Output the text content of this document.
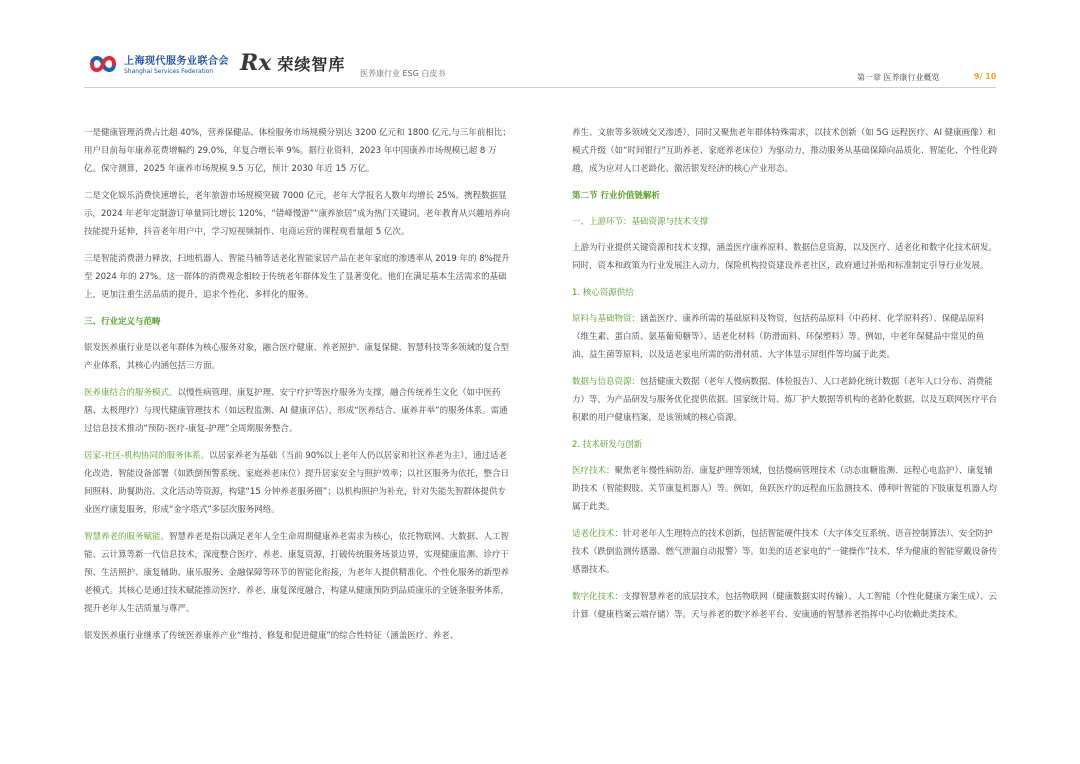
上海现代服务业联合会
Shanghai Services Federation	Rx 荣续智库 医养康行业 ESG 白皮书	第一章 医养康行业概览	9/ 10

一是健康管理消费占比超 40%，营养保健品、体检服务市场规模分别达 3200 亿元和 1800 亿元,与三年前相比；用户目前每年康养花费增幅约 29.0%，年复合增长率 9%。据行业资料，2023 年中国康养市场规模已超 8 万亿。保守测算，2025 年康养市场规模 9.5 万亿，预计 2030 年近 15 万亿。

二是文化娱乐消费快速增长，老年旅游市场规模突破 7000 亿元，老年大学报名人数年均增长 25%。携程数据显示，2024 年老年定制游订单量同比增长 120%，“错峰慢游”“康养旅居”成为热门关键词。老年教育从兴趣培养向技能提升延伸，抖音老年用户中，学习短视频制作、电商运营的课程观看量超 5 亿次。

三是智能消费潜力释放，扫地机器人、智能马桶等适老化智能家居产品在老年家庭的渗透率从 2019 年的 8%提升至 2024 年的 27%。这一群体的消费观念相较于传统老年群体发生了显著变化。他们在满足基本生活需求的基础上，更加注重生活品质的提升，追求个性化、多样化的服务。

三、行业定义与范畴

银发医养康行业是以老年群体为核心服务对象，融合医疗健康、养老照护、康复保健、智慧科技等多领域的复合型产业体系，其核心内涵包括三方面。

医养康结合的服务模式。以慢性病管理、康复护理、安宁疗护等医疗服务为支撑，融合传统养生文化（如中医药膳、太极理疗）与现代健康管理技术（如远程监测、AI 健康评估），形成“医养结合、康养并举”的服务体系。需通过信息技术推动“预防-医疗-康复-护理”全周期服务整合。

居家-社区-机构协同的服务体系。以居家养老为基础（当前 90%以上老年人仍以居家和社区养老为主），通过适老化改造、智能设备部署（如跌倒预警系统、家庭养老床位）提升居家安全与照护效率；以社区服务为依托，整合日间照料、助餐助浴、文化活动等资源，构建“15 分钟养老服务圈”；以机构照护为补充，针对失能失智群体提供专业医疗康复服务，形成“金字塔式”多层次服务网络。

智慧养老的服务赋能。智慧养老是指以满足老年人全生命周期健康养老需求为核心，依托物联网、大数据、人工智能、云计算等新一代信息技术，深度整合医疗、养老、康复资源，打破传统服务场景边界，实现健康监测、诊疗干预、生活照护、康复辅助、康乐服务、金融保障等环节的智能化衔接，为老年人提供精准化、个性化服务的新型养老模式。其核心是通过技术赋能推动医疗、养老、康复深度融合，构建从健康预防到品质康乐的全链条服务体系，提升老年人生活质量与尊严。

银发医养康行业继承了传统医养康养产业“维持、修复和促进健康”的综合性特征（涵盖医疗、养老、

养生、文旅等多领域交叉渗透），同时又聚焦老年群体特殊需求，以技术创新（如 5G 远程医疗、AI 健康画像）和模式升级（如“时间银行”互助养老、家庭养老床位）为驱动力，推动服务从基础保障向品质化、智能化、个性化跨越，成为应对人口老龄化、激活银发经济的核心产业形态。

第二节 行业价值链解析
一、上游环节：基础资源与技术支撑

上游为行业提供关键资源和技术支撑，涵盖医疗康养原料、数据信息资源，以及医疗、适老化和数字化技术研发。同时，资本和政策为行业发展注入动力，保险机构投资建设养老社区，政府通过补贴和标准制定引导行业发展。

1. 核心资源供给

原料与基础物资：涵盖医疗、康养所需的基础原料及物资，包括药品原料（中药材、化学原料药）、保健品原料（维生素、蛋白质、氨基葡萄糖等）、适老化材料（防滑面料、环保塑料）等。例如，中老年保健品中常见的鱼油、益生菌等原料，以及适老家电所需的防滑材质、大字体显示屏组件等均属于此类。

数据与信息资源：包括健康大数据（老年人慢病数据、体检报告）、人口老龄化统计数据（老年人口分布、消费能力）等，为产品研发与服务优化提供依据。国家统计局、炼厂护大数据等机构的老龄化数据，以及互联网医疗平台积累的用户健康档案，是该领域的核心资源。

2. 技术研发与创新

医疗技术：聚焦老年慢性病防治、康复护理等领域，包括慢病管理技术（动态血糖监测、远程心电监护）、康复辅助技术（智能假肢、关节康复机器人）等。例如，鱼跃医疗的远程血压监测技术、傅利叶智能的下肢康复机器人均属于此类。

适老化技术：针对老年人生理特点的技术创新，包括智能硬件技术（大字体交互系统、语音控制算法）、安全防护技术（跌倒监测传感器、燃气泄漏自动报警）等。如美的适老家电的“一键操作”技术、华为健康的智能穿戴设备传感器技术。

数字化技术：支撑智慧养老的底层技术，包括物联网（健康数据实时传输）、人工智能（个性化健康方案生成）、云计算（健康档案云端存储）等。天与养老的数字养老平台、安康通的智慧养老指挥中心均依赖此类技术。
